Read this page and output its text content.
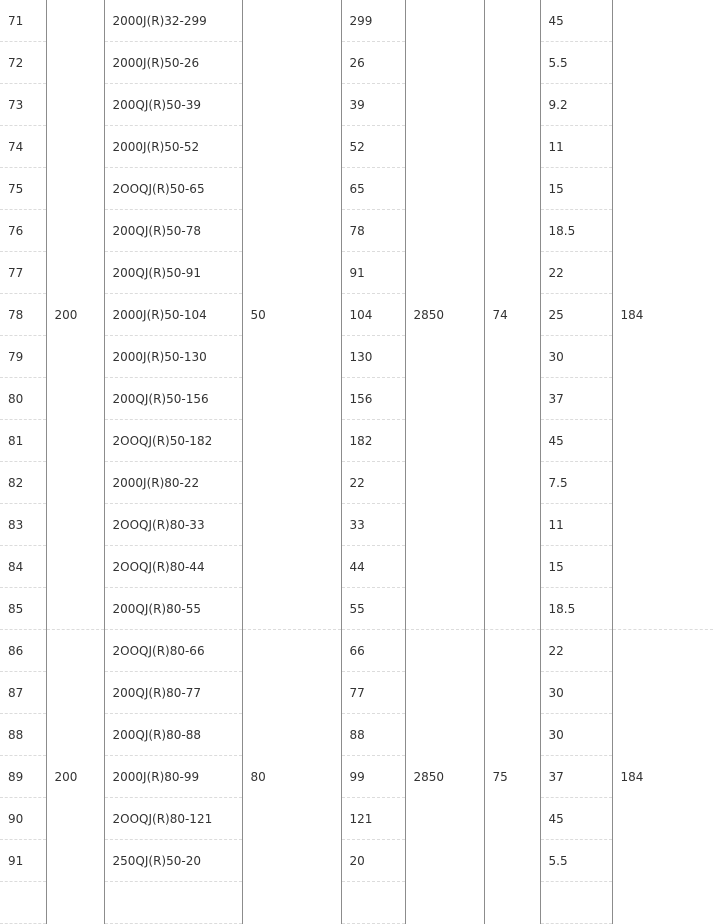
71	200	2000J(R)32-299	50	299	2850	74	45	184
72		2000J(R)50-26		26			5.5	
73		200QJ(R)50-39		39			9.2	
74		2000J(R)50-52		52			11	
75		2OOQJ(R)50-65		65			15	
76		200QJ(R)50-78		78			18.5	
77		200QJ(R)50-91		91			22	
78		2000J(R)50-104		104			25	
79		2000J(R)50-130		130			30	
80		200QJ(R)50-156		156			37	
81		2OOQJ(R)50-182		182			45	
82		2000J(R)80-22		22			7.5	
83		2OOQJ(R)80-33		33			11	
84		2OOQJ(R)80-44		44			15	
85		200QJ(R)80-55		55			18.5	
86	200	2OOQJ(R)80-66	80	66	2850	75	22	184
87		200QJ(R)80-77		77			30	
88		200QJ(R)80-88		88			30	
89		2000J(R)80-99		99			37	
90		2OOQJ(R)80-121		121			45	
91		250QJ(R)50-20		20			5.5	
